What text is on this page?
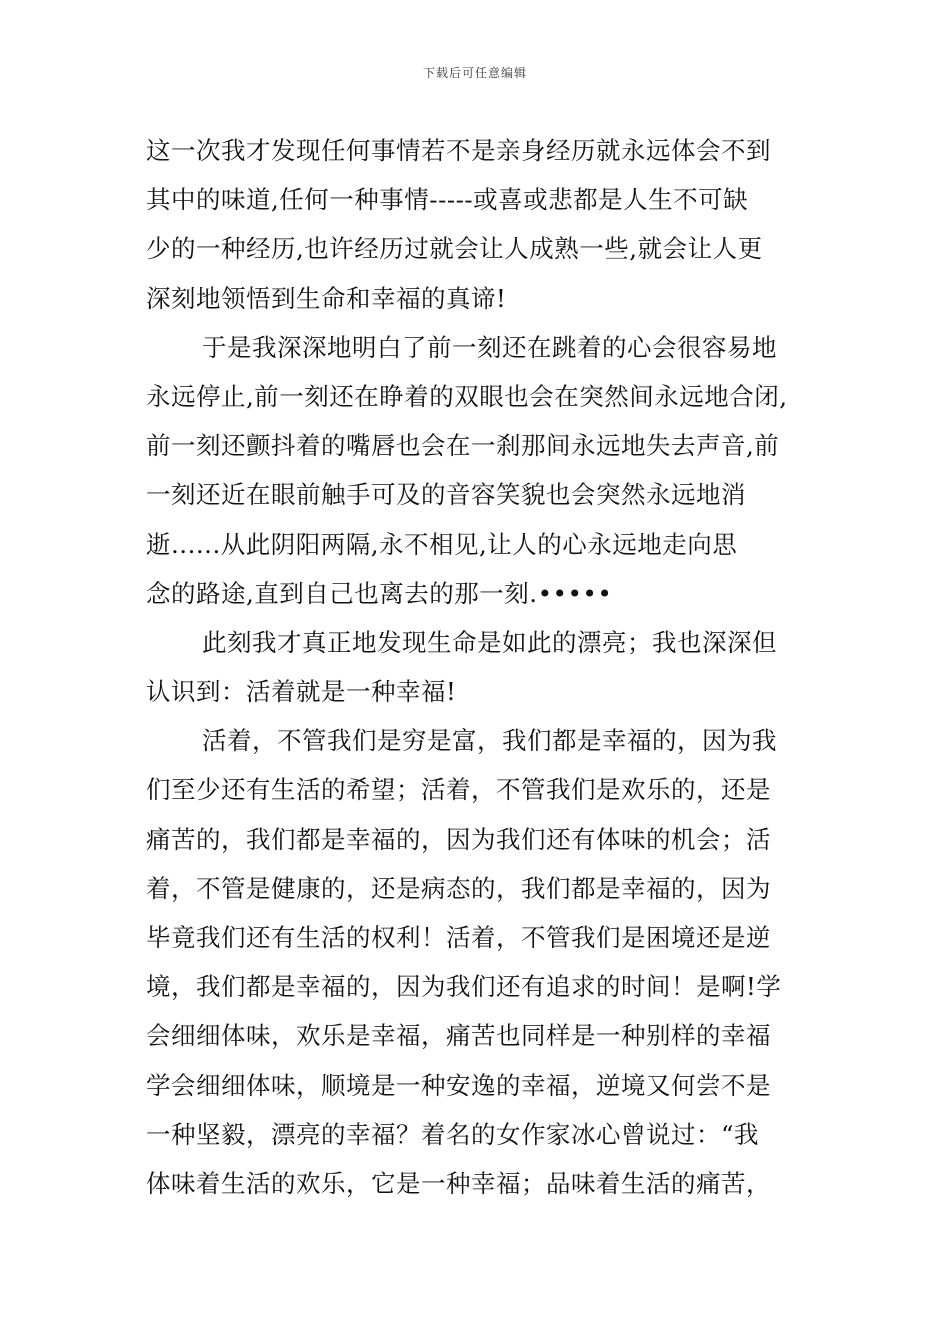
下载后可任意编辑
这一次我才发现任何事情若不是亲身经历就永远体会不到
其中的味道,任何一种事情-----或喜或悲都是人生不可缺
少的一种经历,也许经历过就会让人成熟一些,就会让人更
深刻地领悟到生命和幸福的真谛!
于是我深深地明白了前一刻还在跳着的心会很容易地
永远停止,前一刻还在睁着的双眼也会在突然间永远地合闭,
前一刻还颤抖着的嘴唇也会在一刹那间永远地失去声音,前
一刻还近在眼前触手可及的音容笑貌也会突然永远地消
逝......从此阴阳两隔,永不相见,让人的心永远地走向思
念的路途,直到自己也离去的那一刻.•••••
此刻我才真正地发现生命是如此的漂亮；我也深深但
认识到：活着就是一种幸福!
活着，不管我们是穷是富，我们都是幸福的，因为我
们至少还有生活的希望；活着，不管我们是欢乐的，还是
痛苦的，我们都是幸福的，因为我们还有体味的机会；活
着，不管是健康的，还是病态的，我们都是幸福的，因为
毕竟我们还有生活的权利！活着，不管我们是困境还是逆
境，我们都是幸福的，因为我们还有追求的时间！是啊!学
会细细体味，欢乐是幸福，痛苦也同样是一种别样的幸福
学会细细体味，顺境是一种安逸的幸福，逆境又何尝不是
一种坚毅，漂亮的幸福？着名的女作家冰心曾说过：“我
体味着生活的欢乐，它是一种幸福；品味着生活的痛苦，
